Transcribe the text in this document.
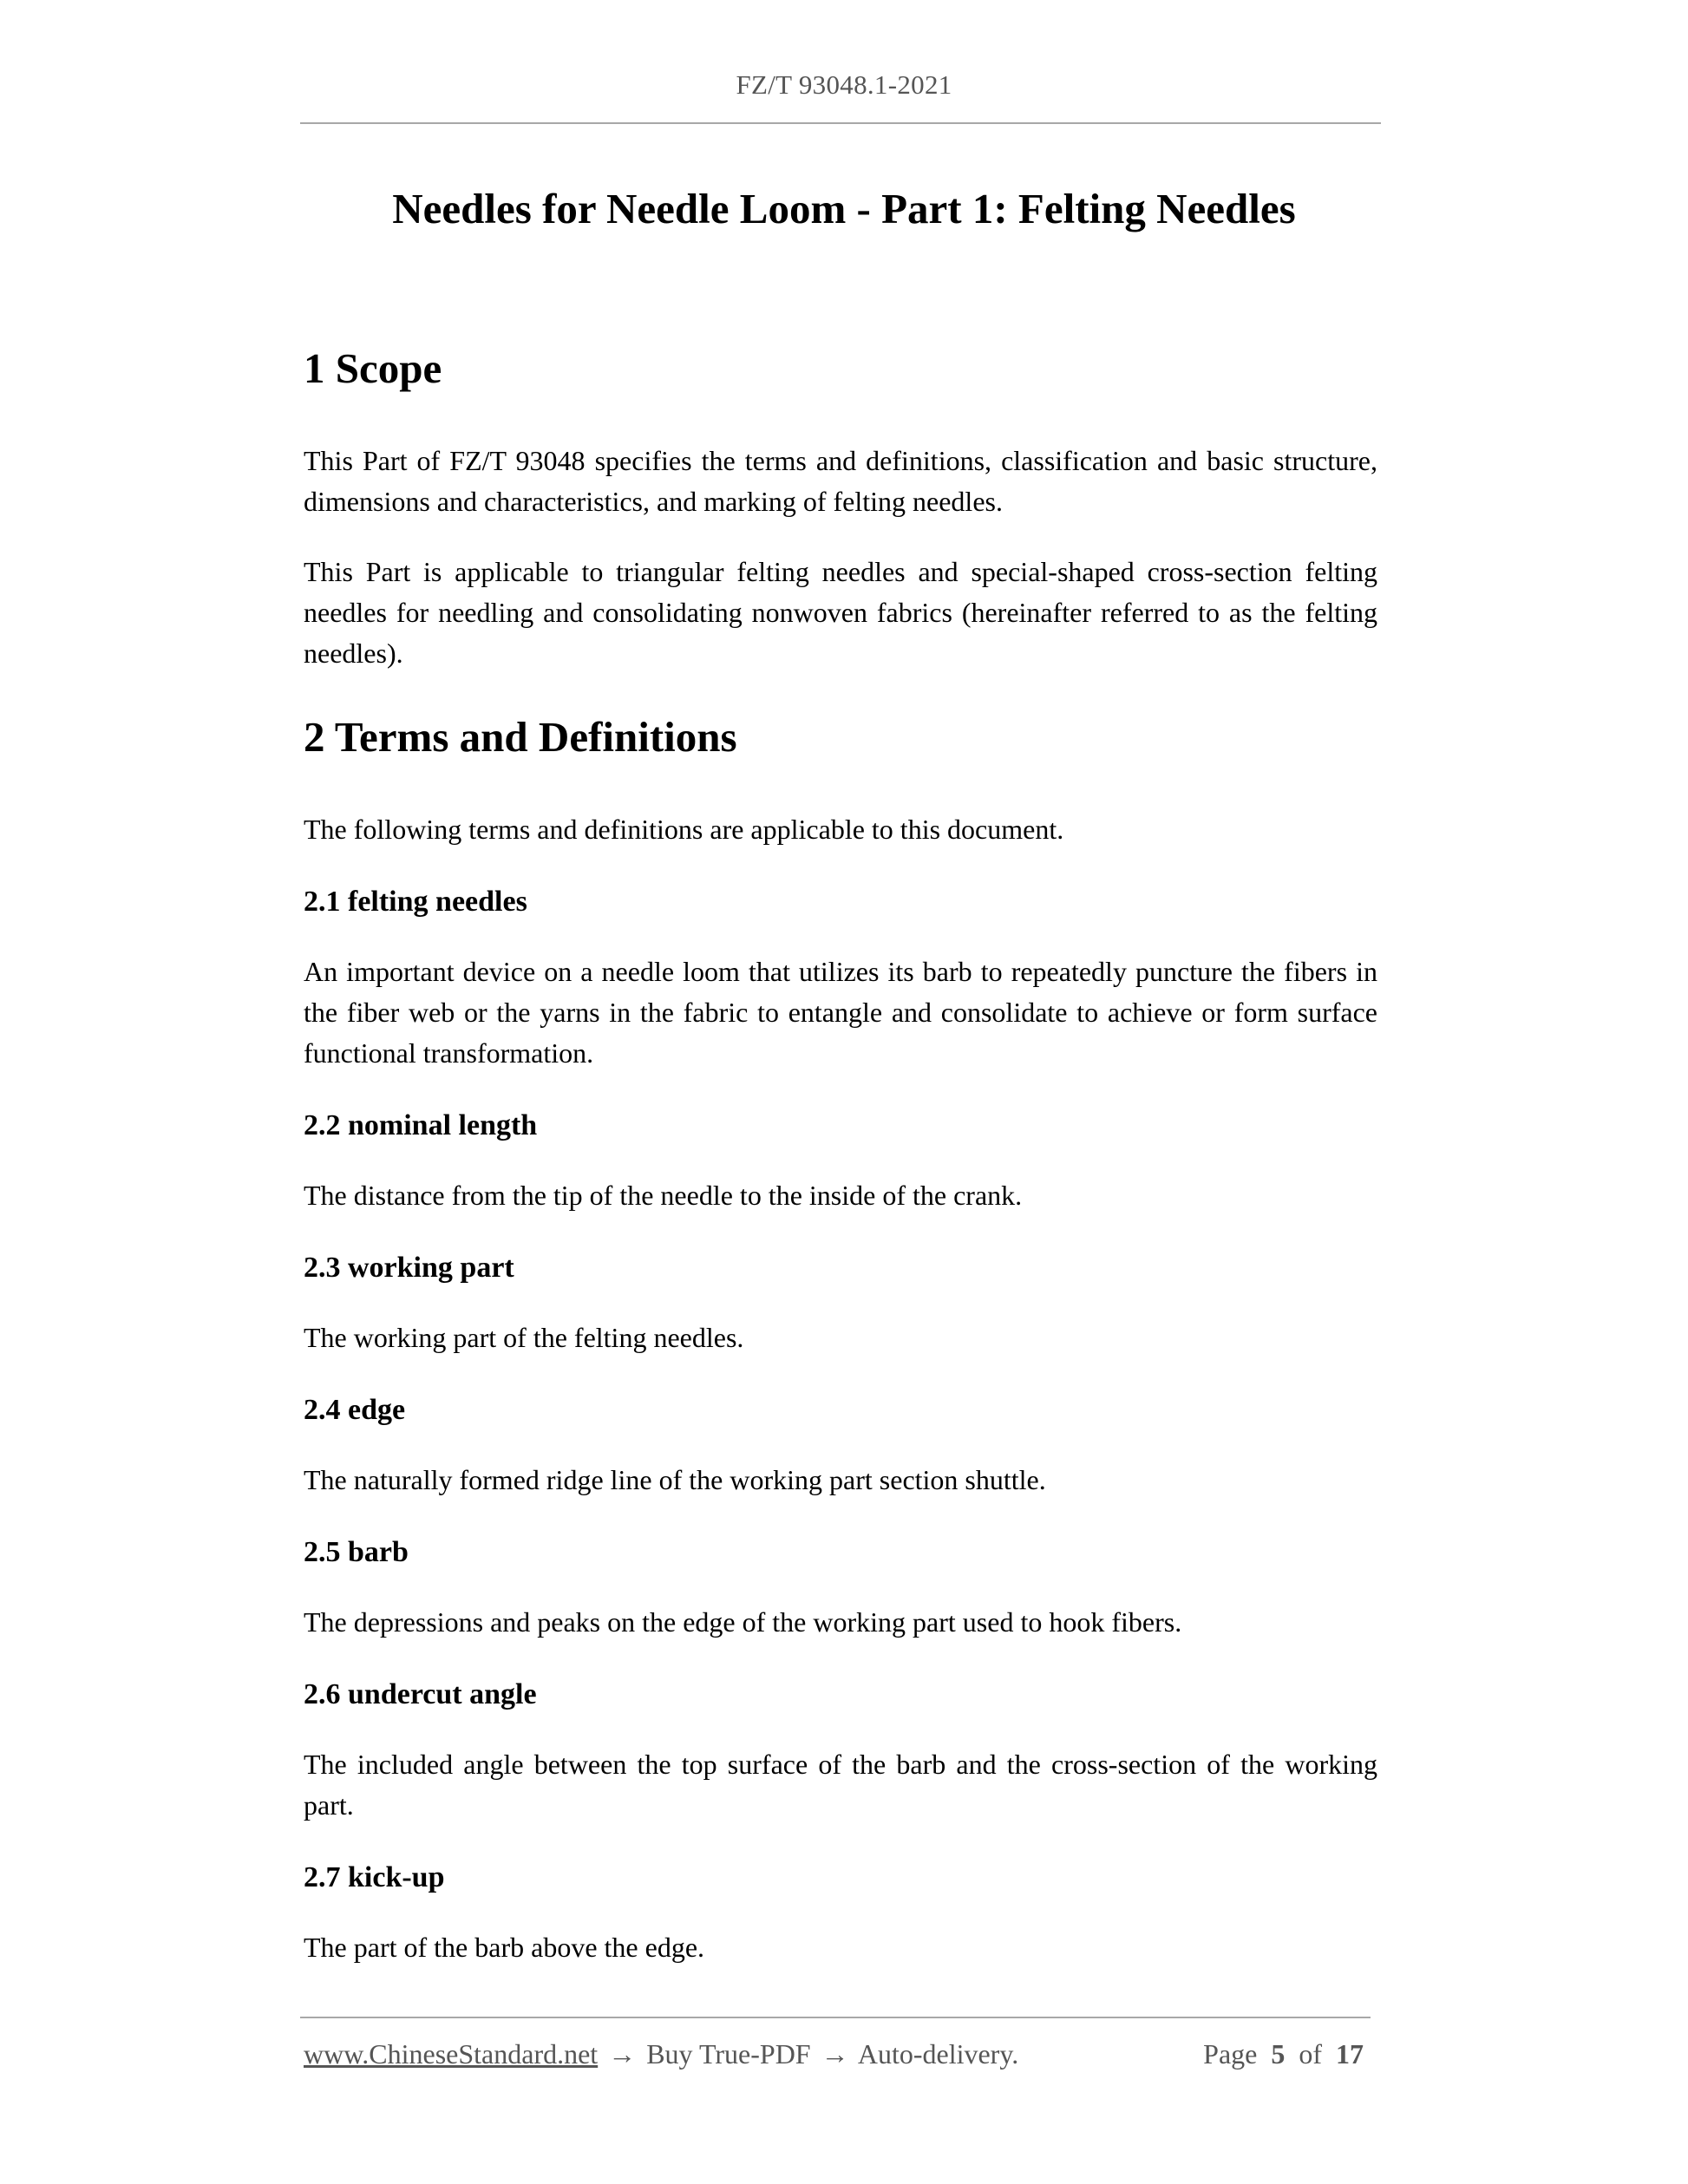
FZ/T 93048.1-2021
Needles for Needle Loom - Part 1: Felting Needles
1 Scope

This Part of FZ/T 93048 specifies the terms and definitions, classification and basic structure, dimensions and characteristics, and marking of felting needles.

This Part is applicable to triangular felting needles and special-shaped cross-section felting needles for needling and consolidating nonwoven fabrics (hereinafter referred to as the felting needles).

2 Terms and Definitions

The following terms and definitions are applicable to this document.

2.1 felting needles

An important device on a needle loom that utilizes its barb to repeatedly puncture the fibers in the fiber web or the yarns in the fabric to entangle and consolidate to achieve or form surface functional transformation.

2.2 nominal length

The distance from the tip of the needle to the inside of the crank.

2.3 working part

The working part of the felting needles.

2.4 edge

The naturally formed ridge line of the working part section shuttle.

2.5 barb

The depressions and peaks on the edge of the working part used to hook fibers.

2.6 undercut angle

The included angle between the top surface of the barb and the cross-section of the working part.

2.7 kick-up

The part of the barb above the edge.

www.ChineseStandard.net → Buy True-PDF → Auto-delivery.	Page 5 of 17
